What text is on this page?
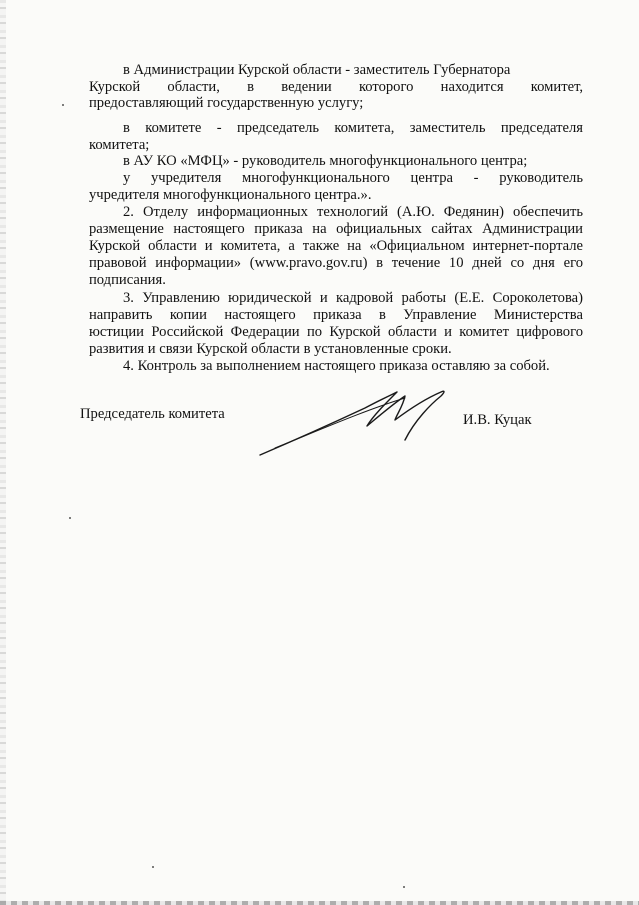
в Администрации Курской области - заместитель Губернатора
Курской области, в ведении которого находится комитет,
предоставляющий государственную услугу;
в комитете - председатель комитета, заместитель председателя
комитета;
в АУ КО «МФЦ» - руководитель многофункционального центра;
у учредителя многофункционального центра - руководитель
учредителя многофункционального центра.».
2. Отделу информационных технологий (А.Ю. Федянин) обеспечить
размещение настоящего приказа на официальных сайтах Администрации
Курской области и комитета, а также на «Официальном интернет-портале
правовой информации» (www.pravo.gov.ru) в течение 10 дней со дня его
подписания.
3. Управлению юридической и кадровой работы (Е.Е. Сороколетова)
направить копии настоящего приказа в Управление Министерства
юстиции Российской Федерации по Курской области и комитет цифрового
развития и связи Курской области в установленные сроки.
4. Контроль за выполнением настоящего приказа оставляю за собой.
Председатель комитета	И.В. Куцак
